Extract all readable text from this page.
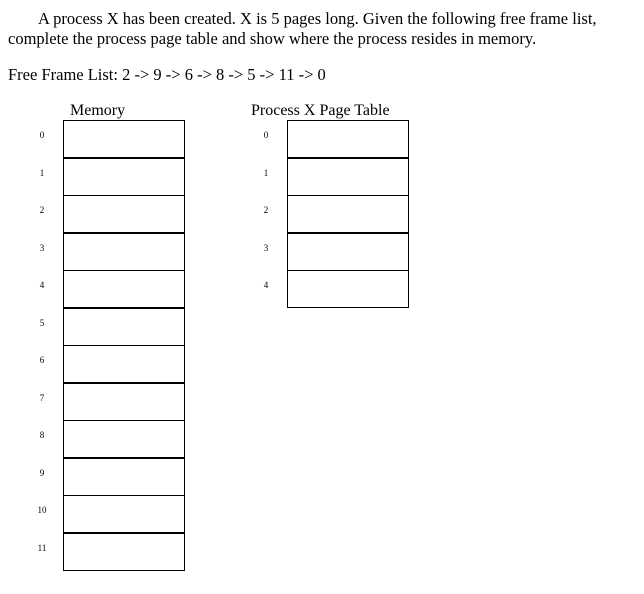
A process X has been created. X is 5 pages long. Given the following free frame list, complete the process page table and show where the process resides in memory.

Free Frame List: 2 -> 9 -> 6 -> 8 -> 5 -> 11 -> 0

Memory	Process X Page Table
0
1
2
3
4
5
6
7
8
9
10
11
0
1
2
3
4
